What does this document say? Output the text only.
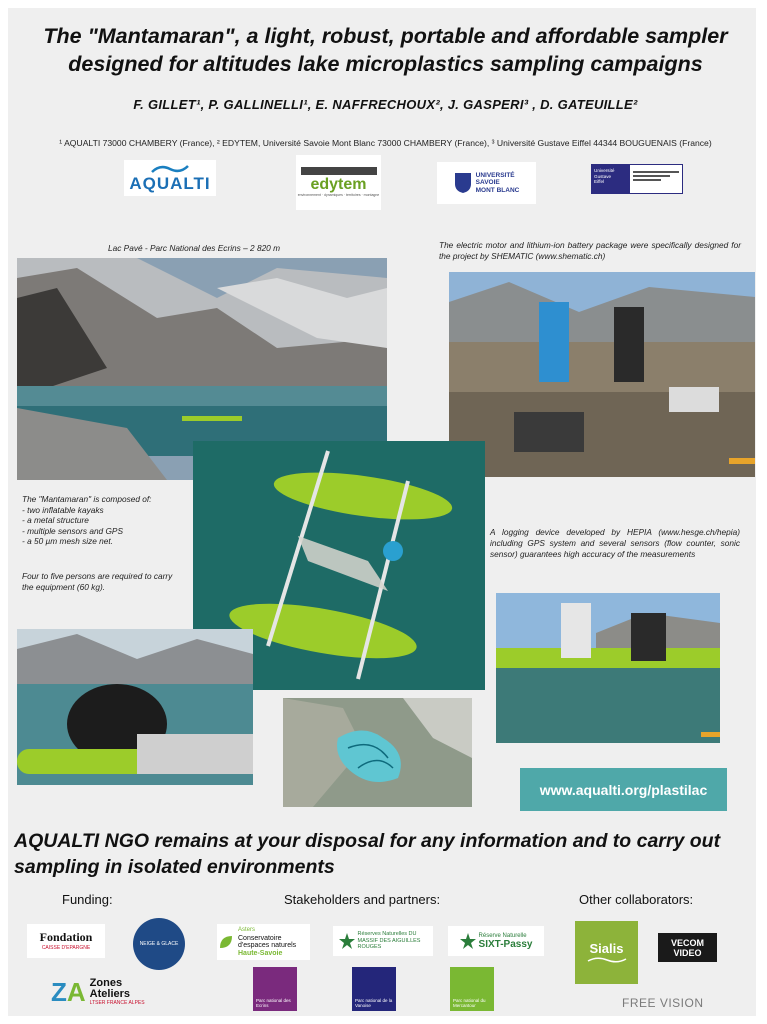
The "Mantamaran", a light, robust, portable and affordable sampler
designed for altitudes lake microplastics sampling campaigns
F. GILLET¹, P. GALLINELLI¹, E. NAFFRECHOUX², J. GASPERI³ , D. GATEUILLE²
¹ AQUALTI 73000 CHAMBERY (France), ² EDYTEM, Université Savoie Mont Blanc 73000 CHAMBERY (France), ³ Université Gustave Eiffel 44344 BOUGUENAIS (France)
AQUALTI	edytem
environnement · dynamiques · territoires · montagne
UNIVERSITÉ
SAVOIE
MONT BLANC
Université
Gustave
Eiffel
Lac Pavé - Parc National des Ecrins – 2 820 m	The electric motor and lithium-ion battery package were specifically designed for the project by SHEMATIC (www.shematic.ch)
The "Mantamaran" is composed of:
- two inflatable kayaks
- a metal structure
- multiple sensors and GPS
- a 50 µm mesh size net.
Four to five persons are required to carry the equipment (60 kg).
A logging device developed by HEPIA (www.hesge.ch/hepia) including GPS system and several sensors (flow counter, sonic sensor) guarantees high accuracy of the measurements
www.aqualti.org/plastilac
AQUALTI NGO remains at your disposal for any information and to carry out sampling in isolated environments
Funding:	Stakeholders and partners:	Other collaborators:
Fondation
CAISSE D'EPARGNE
NEIGE & GLACE
ZA Zones
Ateliers
LTSER FRANCE ALPES
Asters
Conservatoire
d'espaces naturels
Haute-Savoie
Réserves Naturelles DU MASSIF DES AIGUILLES ROUGES
Réserve Naturelle
SIXT-Passy
Parc national des Ecrins
Parc national de la Vanoise
Parc national du Mercantour
Sialis	VECOM VIDEO
FREE VISION
